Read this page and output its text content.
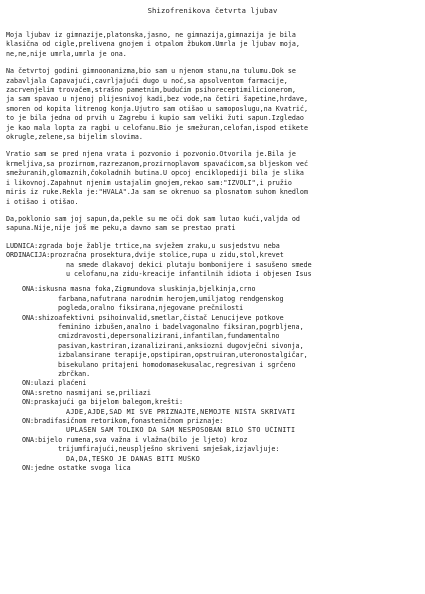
Shizofrenikova četvrta ljubav
Moja ljubav iz gimnazije,platonska,jasno, ne gimnazija,gimnazija je bila
klasična od cigle,prelivena gnojem i otpalom žbukom.Umrla je ljubav moja,
ne,ne,nije umrla,umrla je ona.
Na četvrtoj godini gimnoonanizma,bio sam u njenom stanu,na tulumu.Dok se
zabavljala Čapavajući,cavrljajući dugo u noć,sa apsolventom farmacije,
zacrvenjelim trovačem,strašno pametnim,budućim psihoreceptimilicionerom,
ja sam spavao u njenoj plijesnivoj kadi,bez vode,na četiri šapetine,hrdave,
smoren od kopita litrenog konja.Ujutro sam otišao u samoposlugu,na Kvatrić,
to je bila jedna od prvih u Zagrebu i kupio sam veliki žuti sapun.Izgledao
je kao mala lopta za ragbi u celofanu.Bio je smežuran,celofan,ispod etikete
okrugle,zelene,sa bijelim slovima.
Vratio sam se pred njena vrata i pozvonio i pozvonio.Otvorila je.Bila je
krmeljiva,sa prozirnom,razrezanom,prozirnoplavom spavaćicom,sa bljeskom već
smežuranih,glomaznih,čokoladnih butina.U opcoj enciklopediji bila je slika
i likovnoj.Zapahnut njenim ustajalim gnojem,rekao sam:"IZVOLI",i pružio
miris iz ruke.Rekla je:"HVALA".Ja sam se okrenuo sa plosnatom suhom knedlom
i otišao i otišao.
Da,poklonio sam joj sapun,da,pekle su me oči dok sam lutao kući,valjda od
sapuna.Nije,nije još me peku,a davno sam se prestao prati
LUDNICA:zgrada boje žablje trtice,na svježem zraku,u susjedstvu neba
ORDINACIJA:prozračna prosektura,dvije stolice,rupa u zidu,stol,krevet
na smede dlakavoj dekici plutaju bombonijere i sasušeno smede
u celofanu,na zidu-kreacije infantilnih idiota i objesen Isus
ONA:iskusna masna foka,Zigmundova sluskinja,bjelkinja,crno
farbana,nafutrana narodnim herojem,umiljatog rendgenskog
pogleda,oralno fiksirana,njegovane prečnilosti
ONA:shizoafektivni psihoinvalid,smetlar,čistač Lenucijeve potkove
feminino izbušen,analno i badelvagonalno fiksiran,pogrbljena,
cmizdravosti,depersonalizirani,infantilan,fundamentalno
pasivan,kastriran,izanalizirani,anksiozni dugovječni sivonja,
izbalansirane terapije,opstipiran,opstruiran,uteronostalgičar,
bisekulano pritajeni homodomasekusalac,regresivan i sgrčeno
zbrčkan.
ON:ulazi plaćeni
ONA:sretno nasmijani se,priliazi
ON:praskajući ga bijelom balegom,krešti:
AJDE,AJDE,SAD MI SVE PRIZNAJTE,NEMOJTE NIŠTA SKRIVATI
ON:bradifasičnom retorikom,fonasteničnom priznaje:
UPLAŠEN SAM TOLIKO DA SAM NESPOSOBAN BILO ŠTO UČINITI
ONA:bijelo rumena,sva važna i vlažna(bilo je ljeto) kroz
trijumfirajući,neusplješno skriveni smješak,izjavljuje:
DA,DA,TEŠKO JE DANAS BITI MUŠKO
ON:jedne ostatke svoga lica
